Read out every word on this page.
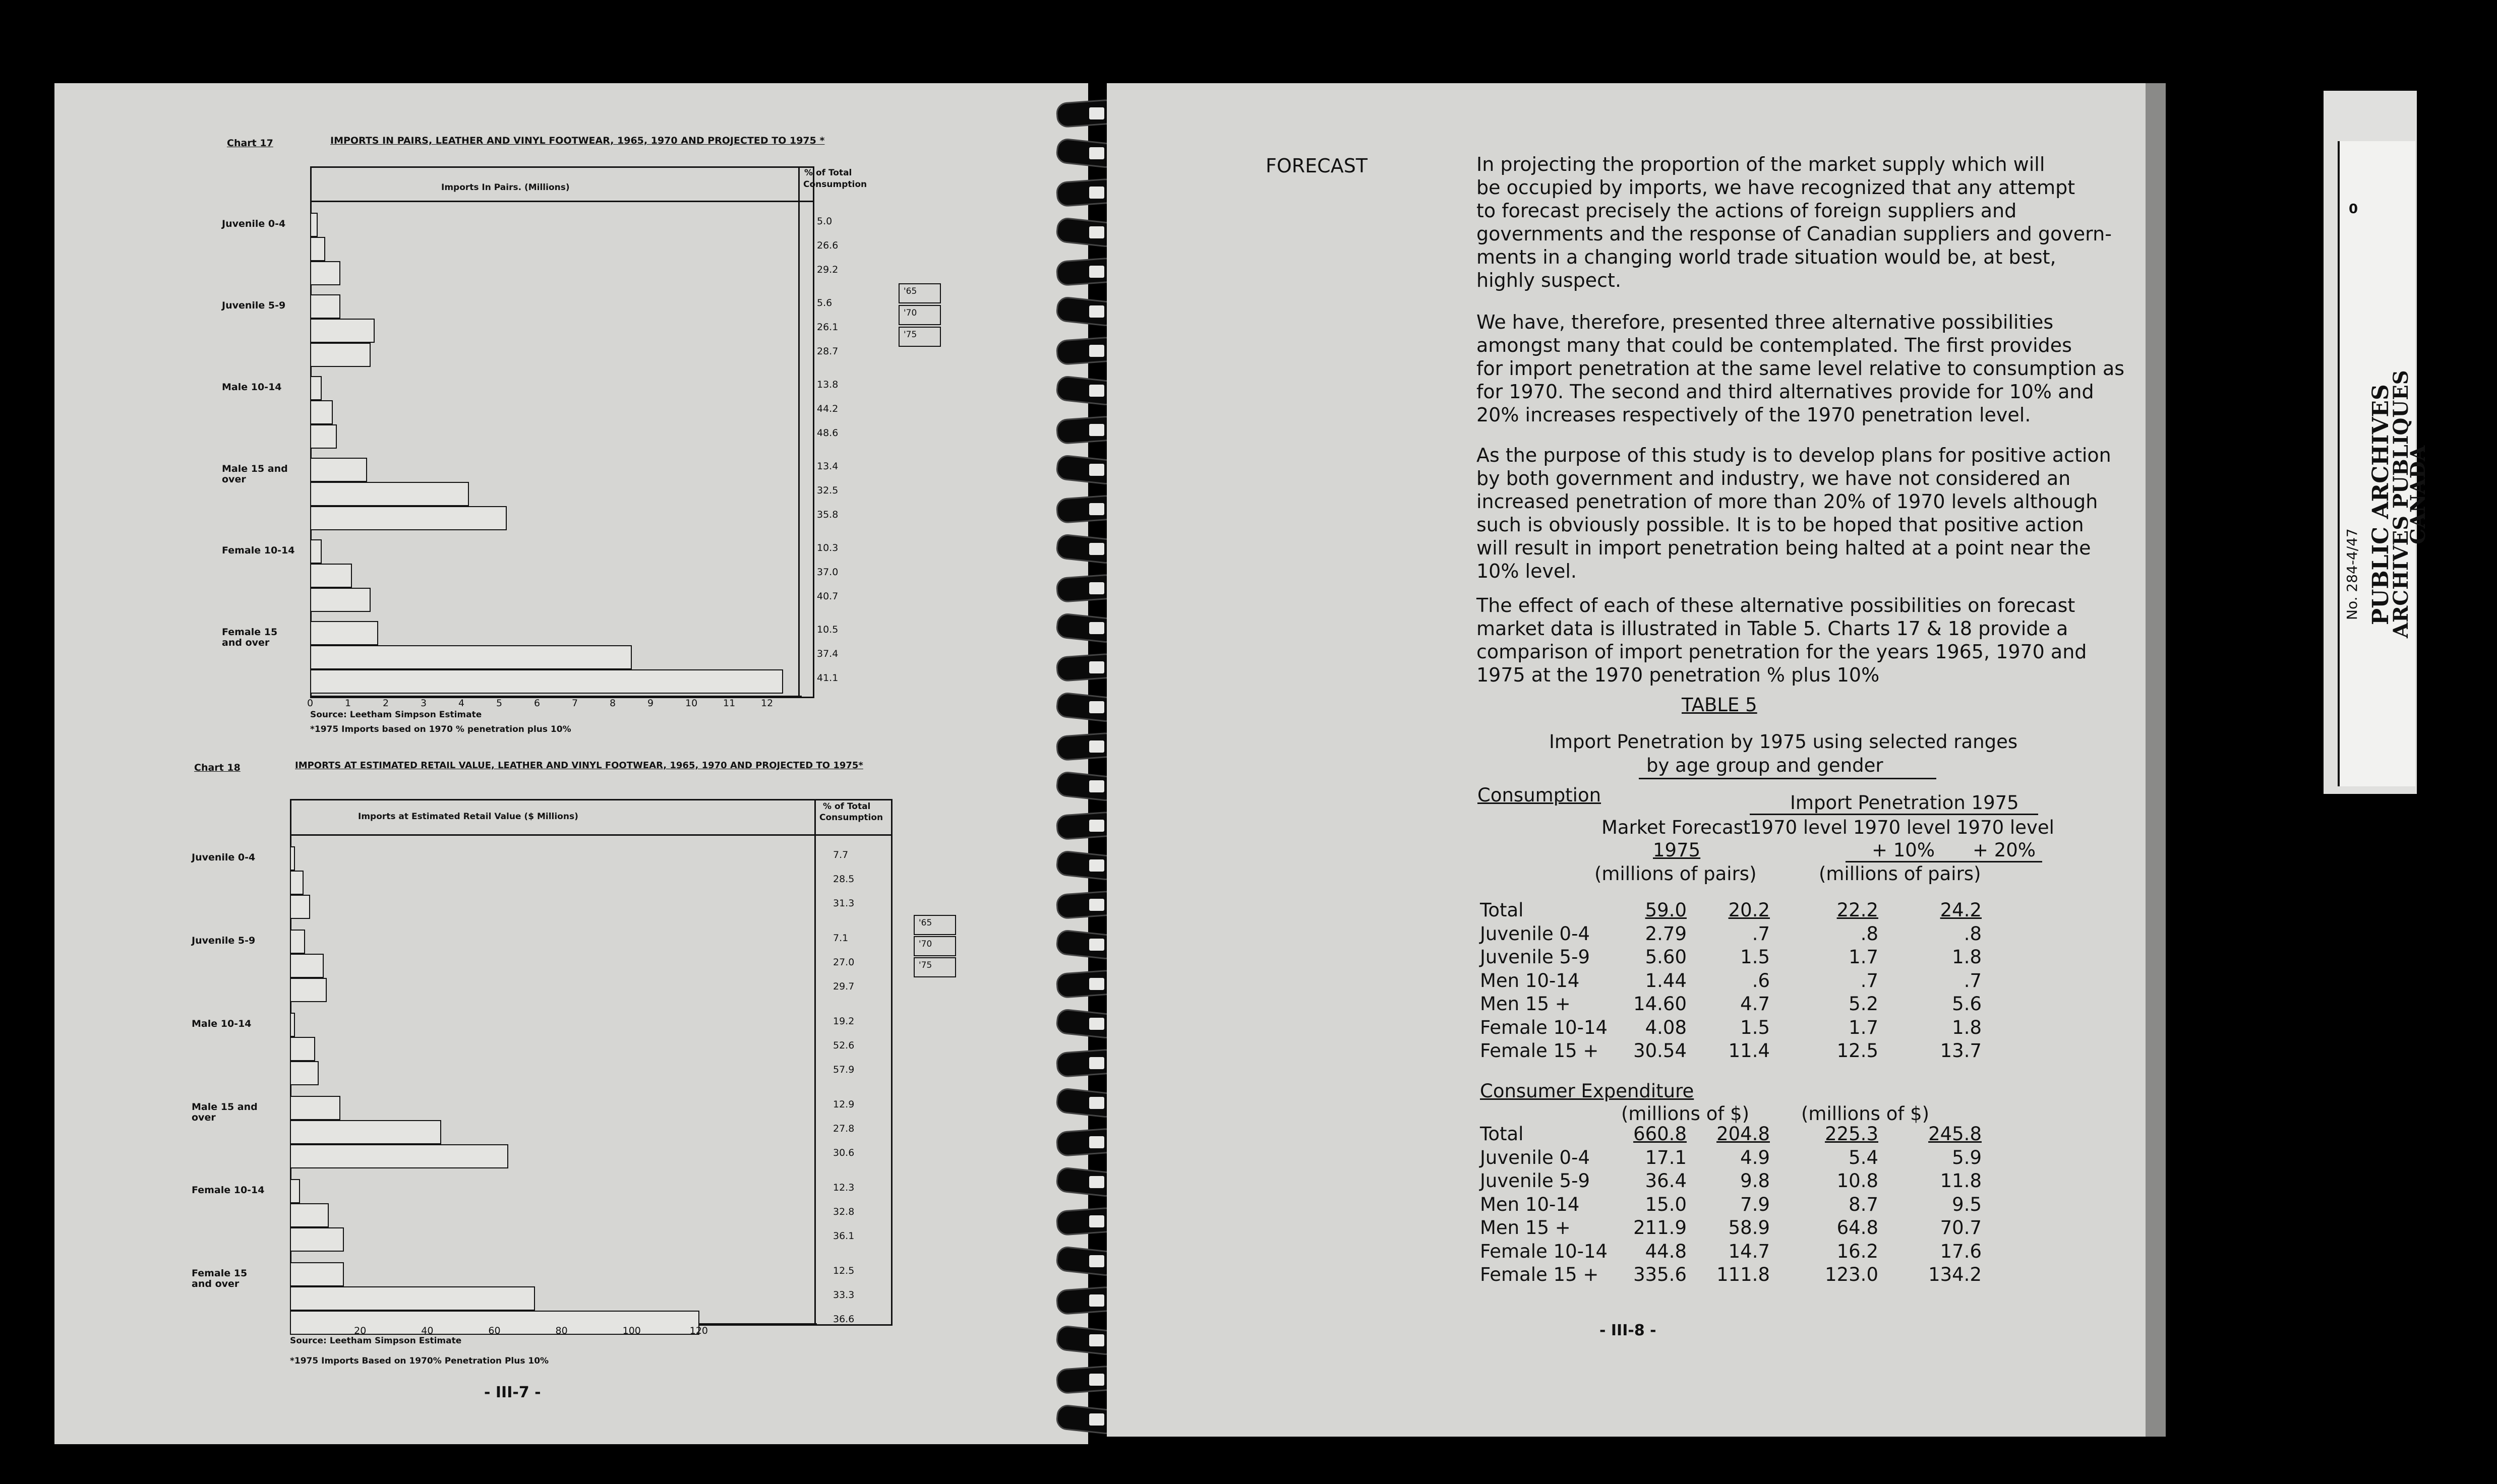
Chart 17	IMPORTS IN PAIRS, LEATHER AND VINYL FOOTWEAR, 1965, 1970 AND PROJECTED TO 1975 *
Imports In Pairs. (Millions)
% of Total
Consumption
Juvenile 0-4	5.0
26.6
29.2
Juvenile 5-9	5.6
26.1
28.7
Male 10-14	13.8
44.2
48.6
Male 15 and over
13.4
32.5
35.8
Female 10-14	10.3
37.0
40.7
Female 15 and over
10.5
37.4
41.1
0	1	2	3	4	5	6	7	8	9	10	11	12
Source: Leetham Simpson Estimate
*1975 Imports based on 1970 % penetration plus 10%
'65
'70
'75
Chart 18	IMPORTS AT ESTIMATED RETAIL VALUE, LEATHER AND VINYL FOOTWEAR, 1965, 1970 AND PROJECTED TO 1975*
Imports at Estimated Retail Value ($ Millions)
% of Total
Consumption
Juvenile 0-4	7.7
28.5
31.3
Juvenile 5-9	7.1
27.0
29.7
Male 10-14	19.2
52.6
57.9
Male 15 and over
12.9
27.8
30.6
Female 10-14	12.3
32.8
36.1
Female 15 and over
12.5
33.3
36.6
20	40	60	80	100	120
Source: Leetham Simpson Estimate
*1975 Imports Based on 1970% Penetration Plus 10%
'65
'70
'75
- III-7 -
FORECAST	In projecting the proportion of the market supply which will
be occupied by imports, we have recognized that any attempt
to forecast precisely the actions of foreign suppliers and
governments and the response of Canadian suppliers and govern-
ments in a changing world trade situation would be, at best,
highly suspect.
We have, therefore, presented three alternative possibilities
amongst many that could be contemplated. The first provides
for import penetration at the same level relative to consumption as
for 1970. The second and third alternatives provide for 10% and
20% increases respectively of the 1970 penetration level.
As the purpose of this study is to develop plans for positive action
by both government and industry, we have not considered an
increased penetration of more than 20% of 1970 levels although
such is obviously possible. It is to be hoped that positive action
will result in import penetration being halted at a point near the
10% level.
The effect of each of these alternative possibilities on forecast
market data is illustrated in Table 5. Charts 17 & 18 provide a
comparison of import penetration for the years 1965, 1970 and
1975 at the 1970 penetration % plus 10%
TABLE 5
Import Penetration by 1975 using selected ranges
by age group and gender
Consumption	Import Penetration 1975
Market Forecast
1975
1970 level 1970 level
+ 10%
1970 level
+ 20%
(millions of pairs)	(millions of pairs)
Total	59.0	20.2	22.2	24.2
Juvenile 0-4	2.79	.7	.8	.8
Juvenile 5-9	5.60	1.5	1.7	1.8
Men 10-14	1.44	.6	.7	.7
Men 15 +	14.60	4.7	5.2	5.6
Female 10-14	4.08	1.5	1.7	1.8
Female 15 +	30.54	11.4	12.5	13.7
Consumer Expenditure
(millions of $)	(millions of $)
Total	660.8	204.8	225.3	245.8
Juvenile 0-4	17.1	4.9	5.4	5.9
Juvenile 5-9	36.4	9.8	10.8	11.8
Men 10-14	15.0	7.9	8.7	9.5
Men 15 +	211.9	58.9	64.8	70.7
Female 10-14	44.8	14.7	16.2	17.6
Female 15 +	335.6	111.8	123.0	134.2
- III-8 -
0
No. 284-4/47 PUBLIC ARCHIVES
ARCHIVES PUBLIQUES
CANADA
